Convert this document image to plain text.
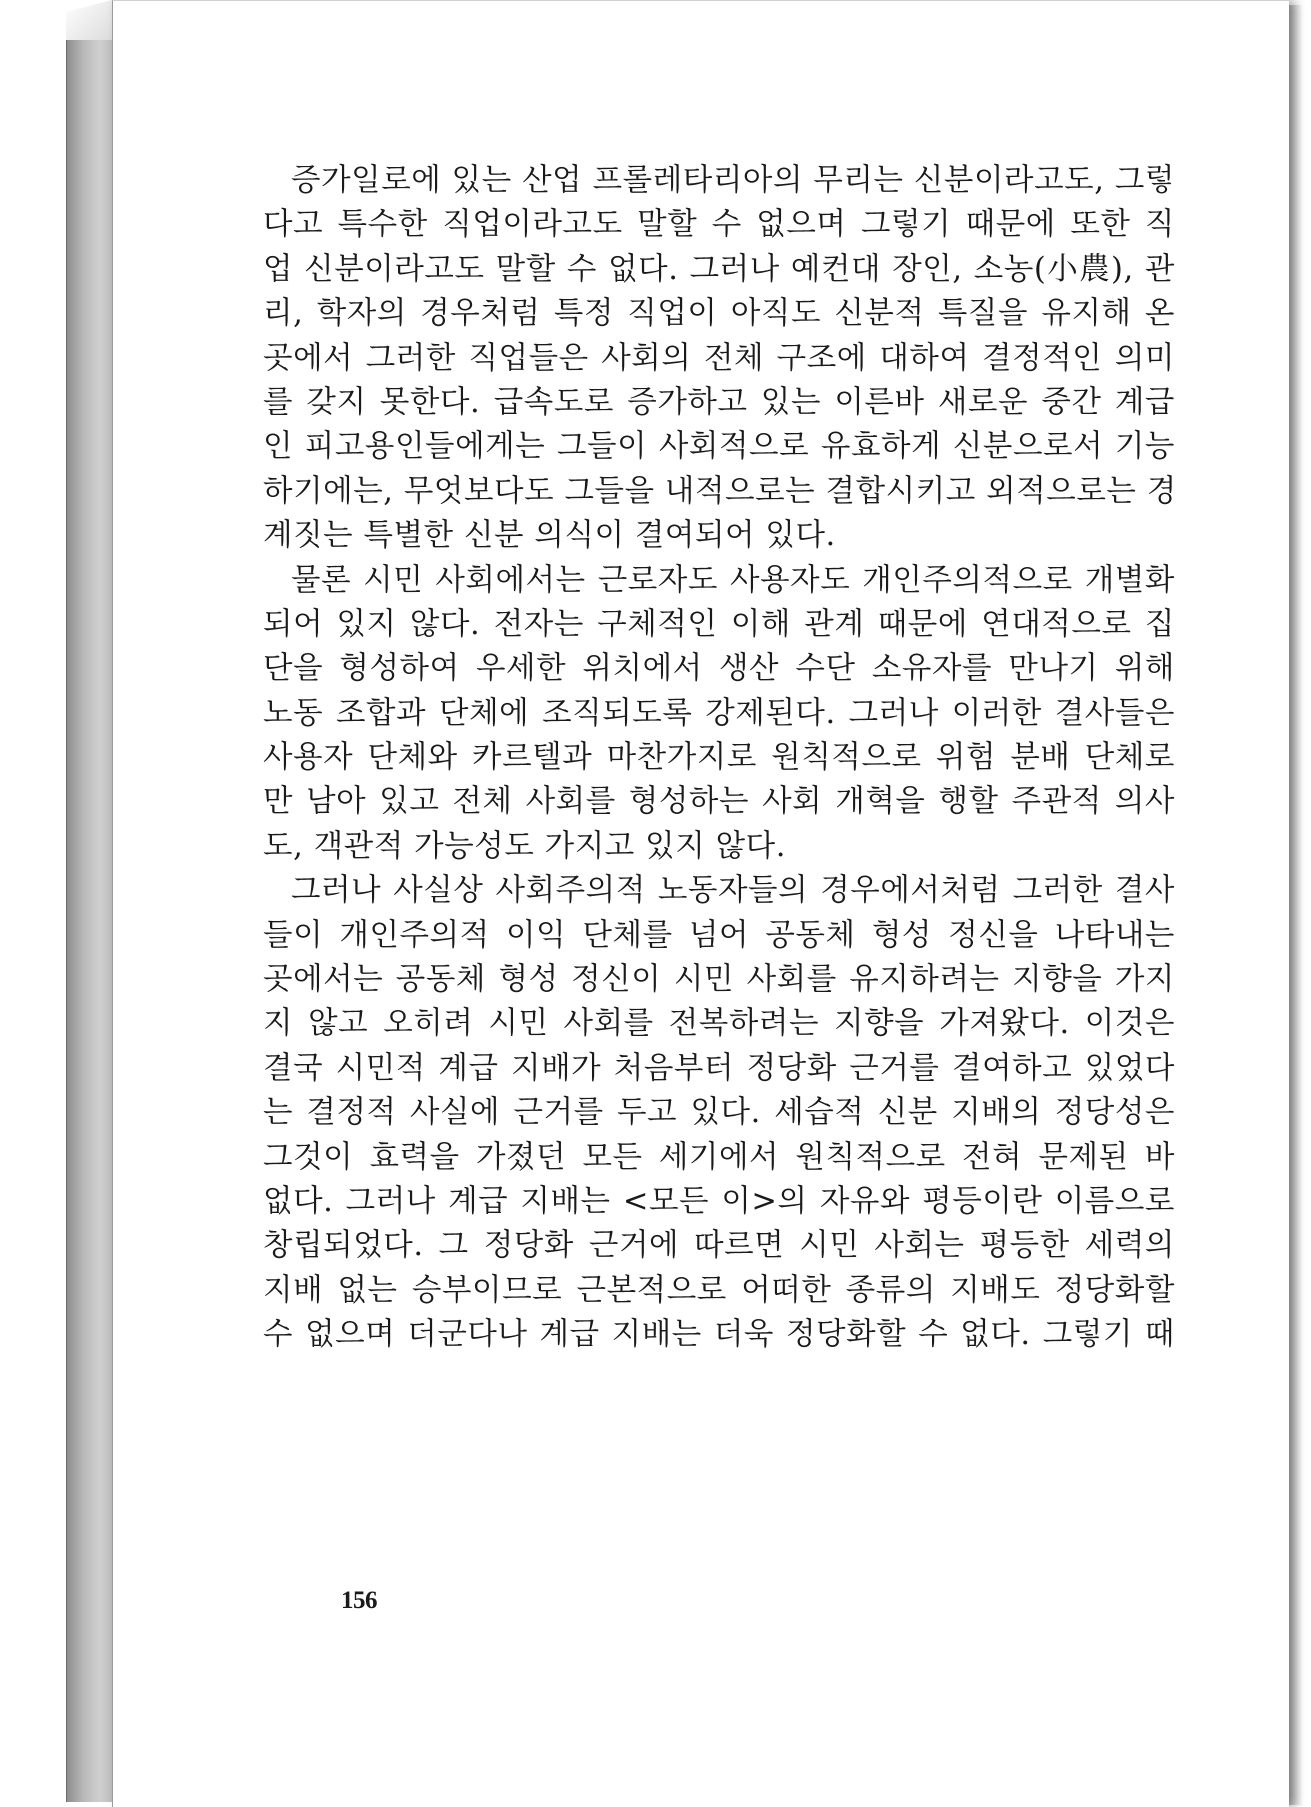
증가일로에 있는 산업 프롤레타리아의 무리는 신분이라고도, 그렇
다고 특수한 직업이라고도 말할 수 없으며 그렇기 때문에 또한 직
업 신분이라고도 말할 수 없다. 그러나 예컨대 장인, 소농(小農), 관
리, 학자의 경우처럼 특정 직업이 아직도 신분적 특질을 유지해 온
곳에서 그러한 직업들은 사회의 전체 구조에 대하여 결정적인 의미
를 갖지 못한다. 급속도로 증가하고 있는 이른바 새로운 중간 계급
인 피고용인들에게는 그들이 사회적으로 유효하게 신분으로서 기능
하기에는, 무엇보다도 그들을 내적으로는 결합시키고 외적으로는 경
계짓는 특별한 신분 의식이 결여되어 있다.
물론 시민 사회에서는 근로자도 사용자도 개인주의적으로 개별화
되어 있지 않다. 전자는 구체적인 이해 관계 때문에 연대적으로 집
단을 형성하여 우세한 위치에서 생산 수단 소유자를 만나기 위해
노동 조합과 단체에 조직되도록 강제된다. 그러나 이러한 결사들은
사용자 단체와 카르텔과 마찬가지로 원칙적으로 위험 분배 단체로
만 남아 있고 전체 사회를 형성하는 사회 개혁을 행할 주관적 의사
도, 객관적 가능성도 가지고 있지 않다.
그러나 사실상 사회주의적 노동자들의 경우에서처럼 그러한 결사
들이 개인주의적 이익 단체를 넘어 공동체 형성 정신을 나타내는
곳에서는 공동체 형성 정신이 시민 사회를 유지하려는 지향을 가지
지 않고 오히려 시민 사회를 전복하려는 지향을 가져왔다. 이것은
결국 시민적 계급 지배가 처음부터 정당화 근거를 결여하고 있었다
는 결정적 사실에 근거를 두고 있다. 세습적 신분 지배의 정당성은
그것이 효력을 가졌던 모든 세기에서 원칙적으로 전혀 문제된 바
없다. 그러나 계급 지배는 <모든 이>의 자유와 평등이란 이름으로
창립되었다. 그 정당화 근거에 따르면 시민 사회는 평등한 세력의
지배 없는 승부이므로 근본적으로 어떠한 종류의 지배도 정당화할
수 없으며 더군다나 계급 지배는 더욱 정당화할 수 없다. 그렇기 때
156
